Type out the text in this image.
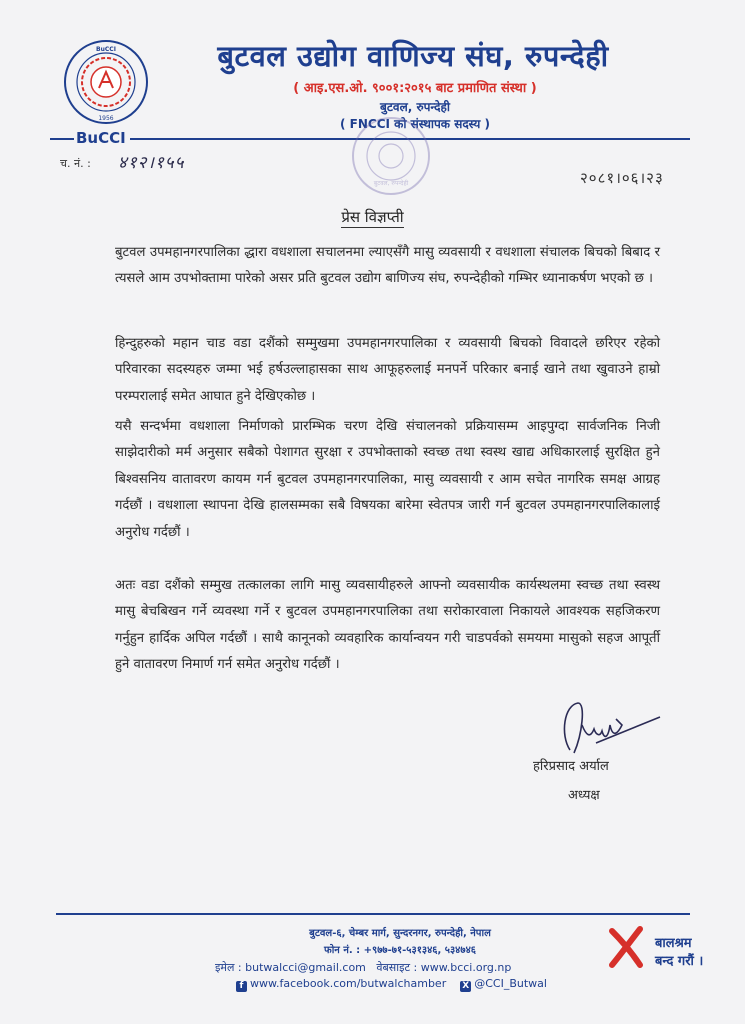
BuCCI
1956
बुटवल उद्योग वाणिज्य संघ, रुपन्देही
( आइ.एस.ओ. ९००१:२०१५ बाट प्रमाणित संस्था )
बुटवल, रुपन्देही
( FNCCI को संस्थापक सदस्य )
BuCCI
बुटवल, रुपन्देही
च. नं. : ४१२।१५५
२०८१।०६।२३
प्रेस विज्ञप्ती

बुटवल उपमहानगरपालिका द्धारा वधशाला सचालनमा ल्याएसँगै मासु व्यवसायी र वधशाला संचालक बिचको बिबाद र त्यसले आम उपभोक्तामा पारेको असर प्रति बुटवल उद्योग बाणिज्य संघ, रुपन्देहीको गम्भिर ध्यानाकर्षण भएको छ ।

हिन्दुहरुको महान चाड वडा दशैंको सम्मुखमा उपमहानगरपालिका र व्यवसायी बिचको विवादले छरिएर रहेको परिवारका सदस्यहरु जम्मा भई हर्षउल्लाहासका साथ आफूहरुलाई मनपर्ने परिकार बनाई खाने तथा खुवाउने हाम्रो परम्परालाई समेत आघात हुने देखिएकोछ ।

यसै सन्दर्भमा वधशाला निर्माणको प्रारम्भिक चरण देखि संचालनको प्रक्रियासम्म आइपुग्दा सार्वजनिक निजी साझेदारीको मर्म अनुसार सबैको पेशागत सुरक्षा र उपभोक्ताको स्वच्छ तथा स्वस्थ खाद्य अधिकारलाई सुरक्षित हुने बिश्वसनिय वातावरण कायम गर्न बुटवल उपमहानगरपालिका, मासु व्यवसायी र आम सचेत नागरिक समक्ष आग्रह गर्दछौं । वधशाला स्थापना देखि हालसम्मका सबै विषयका बारेमा स्वेतपत्र जारी गर्न बुटवल उपमहानगरपालिकालाई अनुरोध गर्दछौं ।

अतः वडा दशैंको सम्मुख तत्कालका लागि मासु व्यवसायीहरुले आफ्नो व्यवसायीक कार्यस्थलमा स्वच्छ तथा स्वस्थ मासु बेचबिखन गर्ने व्यवस्था गर्ने र बुटवल उपमहानगरपालिका तथा सरोकारवाला निकायले आवश्यक सहजिकरण गर्नुहुन हार्दिक अपिल गर्दछौं । साथै कानूनको व्यवहारिक कार्यान्वयन गरी चाडपर्वको समयमा मासुको सहज आपूर्ती हुने वातावरण निमार्ण गर्न समेत अनुरोध गर्दछौं ।

हरिप्रसाद अर्याल
अध्यक्ष
बुटवल-६, चेम्बर मार्ग, सुन्दरनगर, रुपन्देही, नेपाल
फोन नं. : +९७७-७१-५३१३४६, ५३४७४६
इमेल : butwalcci@gmail.com वेबसाइट : www.bcci.org.np
f www.facebook.com/butwalchamber X @CCI_Butwal
बालश्रम
बन्द गरौं ।
